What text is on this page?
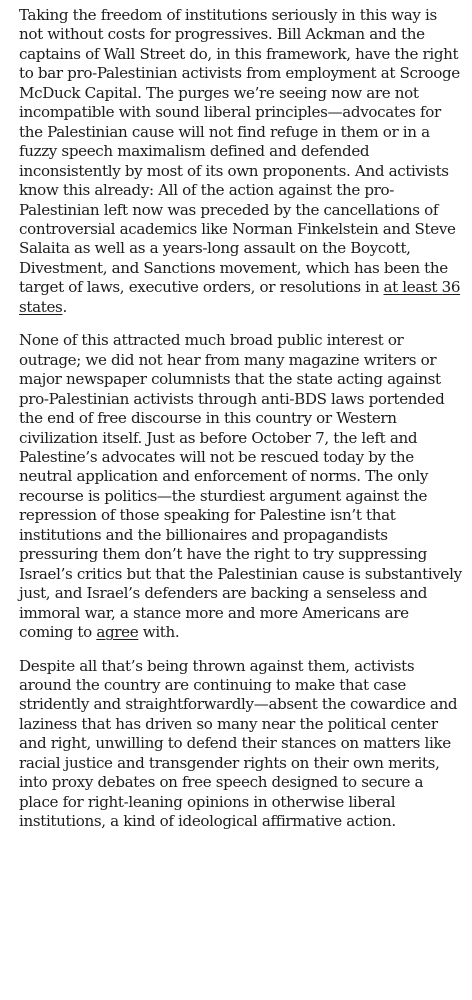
Taking the freedom of institutions seriously in this way is not without costs for progressives. Bill Ackman and the captains of Wall Street do, in this framework, have the right to bar pro-Palestinian activists from employment at Scrooge McDuck Capital. The purges we’re seeing now are not incompatible with sound liberal principles—advocates for the Palestinian cause will not find refuge in them or in a fuzzy speech maximalism defined and defended inconsistently by most of its own proponents. And activists know this already: All of the action against the pro-Palestinian left now was preceded by the cancellations of controversial academics like Norman Finkelstein and Steve Salaita as well as a years-long assault on the Boycott, Divestment, and Sanctions movement, which has been the target of laws, executive orders, or resolutions in at least 36 states.

None of this attracted much broad public interest or outrage; we did not hear from many magazine writers or major newspaper columnists that the state acting against pro-Palestinian activists through anti-BDS laws portended the end of free discourse in this country or Western civilization itself. Just as before October 7, the left and Palestine’s advocates will not be rescued today by the neutral application and enforcement of norms. The only recourse is politics—the sturdiest argument against the repression of those speaking for Palestine isn’t that institutions and the billionaires and propagandists pressuring them don’t have the right to try suppressing Israel’s critics but that the Palestinian cause is substantively just, and Israel’s defenders are backing a senseless and immoral war, a stance more and more Americans are coming to agree with.

Despite all that’s being thrown against them, activists around the country are continuing to make that case stridently and straightforwardly—absent the cowardice and laziness that has driven so many near the political center and right, unwilling to defend their stances on matters like racial justice and transgender rights on their own merits, into proxy debates on free speech designed to secure a place for right-leaning opinions in otherwise liberal institutions, a kind of ideological affirmative action.
